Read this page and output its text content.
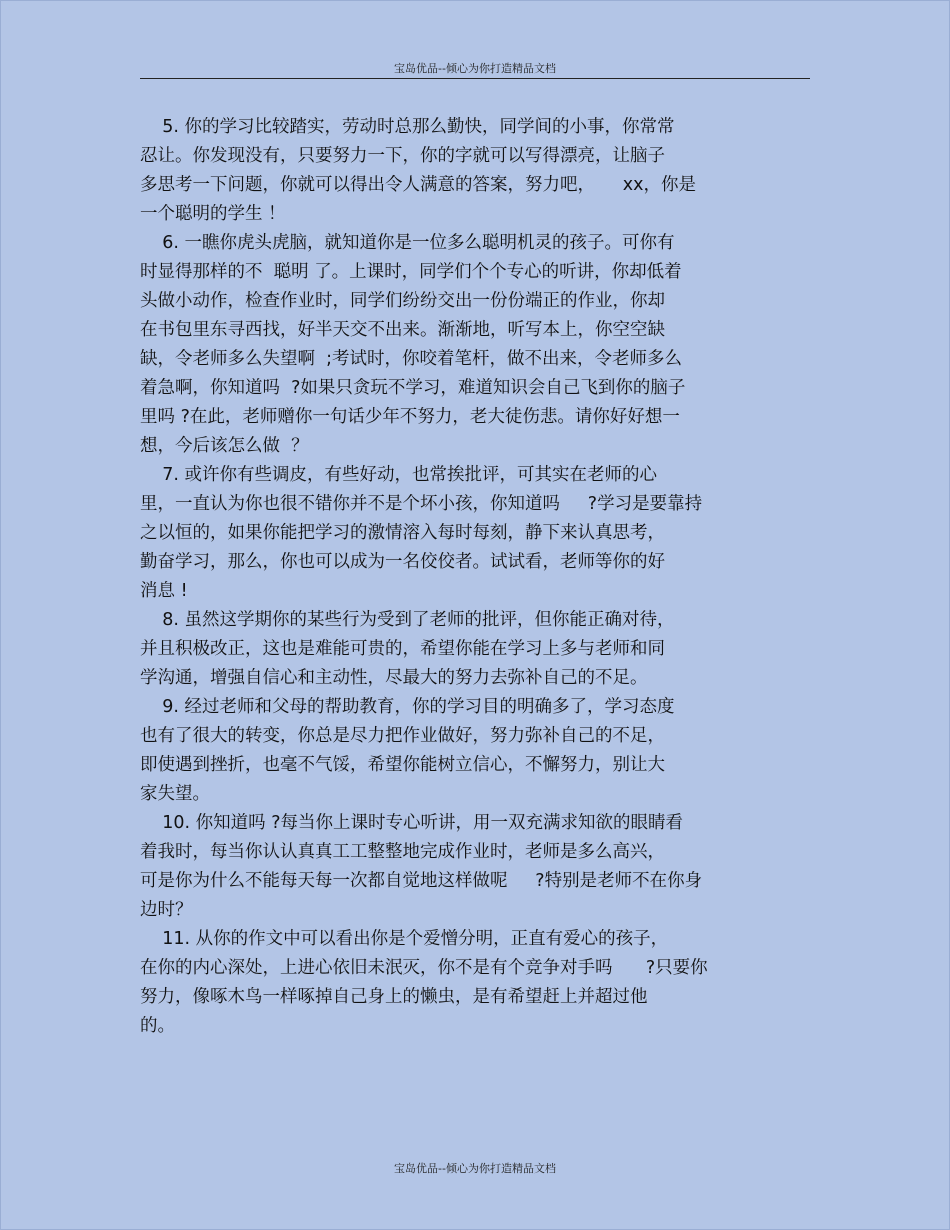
宝岛优品--倾心为你打造精品文档
5. 你的学习比较踏实，劳动时总那么勤快，同学间的小事，你常常
忍让。你发现没有，只要努力一下，你的字就可以写得漂亮，让脑子
多思考一下问题，你就可以得出令人满意的答案，努力吧，     xx，你是
一个聪明的学生 ！
6. 一瞧你虎头虎脑，就知道你是一位多么聪明机灵的孩子。可你有
时显得那样的不  聪明 了。上课时，同学们个个专心的听讲，你却低着
头做小动作，检查作业时，同学们纷纷交出一份份端正的作业，你却
在书包里东寻西找，好半天交不出来。渐渐地，听写本上，你空空缺
缺，令老师多么失望啊  ;考试时，你咬着笔杆，做不出来，令老师多么
着急啊，你知道吗  ?如果只贪玩不学习，难道知识会自己飞到你的脑子
里吗 ?在此，老师赠你一句话少年不努力，老大徒伤悲。请你好好想一
想，今后该怎么做  ？
7. 或许你有些调皮，有些好动，也常挨批评，可其实在老师的心
里，一直认为你也很不错你并不是个坏小孩，你知道吗     ?学习是要靠持
之以恒的，如果你能把学习的激情溶入每时每刻，静下来认真思考，
勤奋学习，那么，你也可以成为一名佼佼者。试试看，老师等你的好
消息 !
8. 虽然这学期你的某些行为受到了老师的批评，但你能正确对待，
并且积极改正，这也是难能可贵的，希望你能在学习上多与老师和同
学沟通，增强自信心和主动性，尽最大的努力去弥补自己的不足。
9. 经过老师和父母的帮助教育，你的学习目的明确多了，学习态度
也有了很大的转变，你总是尽力把作业做好，努力弥补自己的不足，
即使遇到挫折，也毫不气馁，希望你能树立信心，不懈努力，别让大
家失望。
10. 你知道吗 ?每当你上课时专心听讲，用一双充满求知欲的眼睛看
着我时，每当你认认真真工工整整地完成作业时，老师是多么高兴，
可是你为什么不能每天每一次都自觉地这样做呢     ?特别是老师不在你身
边时？
11. 从你的作文中可以看出你是个爱憎分明，正直有爱心的孩子，
在你的内心深处，上进心依旧未泯灭，你不是有个竞争对手吗      ?只要你
努力，像啄木鸟一样啄掉自己身上的懒虫，是有希望赶上并超过他
的。
宝岛优品--倾心为你打造精品文档
